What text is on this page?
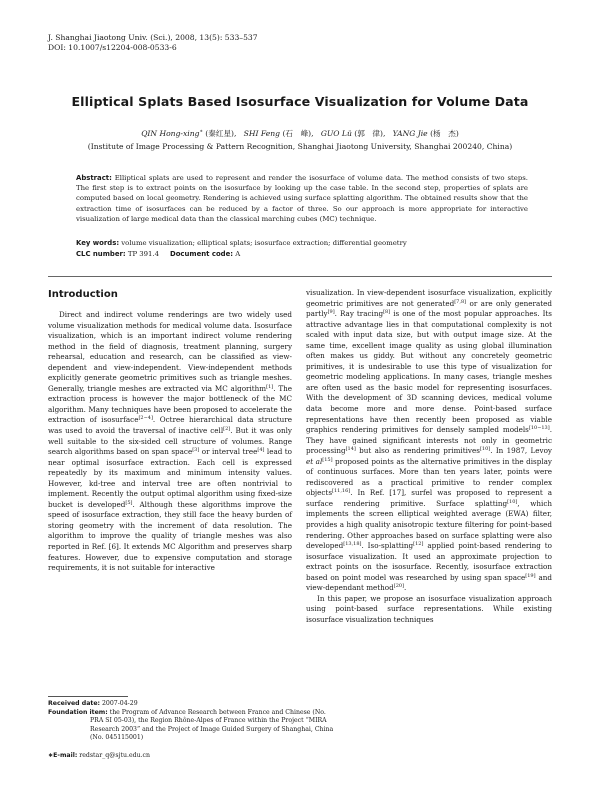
J. Shanghai Jiaotong Univ. (Sci.), 2008, 13(5): 533–537
DOI: 10.1007/s12204-008-0533-6
Elliptical Splats Based Isosurface Visualization for Volume Data
QIN Hong-xing∗ (秦红星), SHI Feng (石　峰), GUO Lü (郭　律), YANG Jie (杨　杰)
(Institute of Image Processing & Pattern Recognition, Shanghai Jiaotong University, Shanghai 200240, China)
Abstract: Elliptical splats are used to represent and render the isosurface of volume data. The method consists of two steps. The first step is to extract points on the isosurface by looking up the case table. In the second step, properties of splats are computed based on local geometry. Rendering is achieved using surface splatting algorithm. The obtained results show that the extraction time of isosurfaces can be reduced by a factor of three. So our approach is more appropriate for interactive visualization of large medical data than the classical marching cubes (MC) technique.
Key words: volume visualization; elliptical splats; isosurface extraction; differential geometry
CLC number: TP 391.4 Document code: A
Introduction

Direct and indirect volume renderings are two widely used volume visualization methods for medical volume data. Isosurface visualization, which is an important indirect volume rendering method in the field of diagnosis, treatment planning, surgery rehearsal, education and research, can be classified as view-dependent and view-independent. View-independent methods explicitly generate geometric primitives such as triangle meshes. Generally, triangle meshes are extracted via MC algorithm[1]. The extraction process is however the major bottleneck of the MC algorithm. Many techniques have been proposed to accelerate the extraction of isosurface[2−4]. Octree hierarchical data structure was used to avoid the traversal of inactive cell[2]. But it was only well suitable to the six-sided cell structure of volumes. Range search algorithms based on span space[3] or interval tree[4] lead to near optimal isosurface extraction. Each cell is expressed repeatedly by its maximum and minimum intensity values. However, kd-tree and interval tree are often nontrivial to implement. Recently the output optimal algorithm using fixed-size bucket is developed[5]. Although these algorithms improve the speed of isosurface extraction, they still face the heavy burden of storing geometry with the increment of data resolution. The algorithm to improve the quality of triangle meshes was also reported in Ref. [6]. It extends MC Algorithm and preserves sharp features. However, due to expensive computation and storage requirements, it is not suitable for interactive

visualization. In view-dependent isosurface visualization, explicitly geometric primitives are not generated[7,8] or are only generated partly[9]. Ray tracing[8] is one of the most popular approaches. Its attractive advantage lies in that computational complexity is not scaled with input data size, but with output image size. At the same time, excellent image quality as using global illumination often makes us giddy. But without any concretely geometric primitives, it is undesirable to use this type of visualization for geometric modeling applications. In many cases, triangle meshes are often used as the basic model for representing isosurfaces. With the development of 3D scanning devices, medical volume data become more and more dense. Point-based surface representations have then recently been proposed as viable graphics rendering primitives for densely sampled models[10−13]. They have gained significant interests not only in geometric processing[14] but also as rendering primitives[10]. In 1987, Levoy et al[15] proposed points as the alternative primitives in the display of continuous surfaces. More than ten years later, points were rediscovered as a practical primitive to render complex objects[11,16]. In Ref. [17], surfel was proposed to represent a surface rendering primitive. Surface splatting[10], which implements the screen elliptical weighted average (EWA) filter, provides a high quality anisotropic texture filtering for point-based rendering. Other approaches based on surface splatting were also developed[13,18]. Iso-splatting[12] applied point-based rendering to isosurface visualization. It used an approximate projection to extract points on the isosurface. Recently, isosurface extraction based on point model was researched by using span space[19] and view-dependant method[20].

In this paper, we propose an isosurface visualization approach using point-based surface representations. While existing isosurface visualization techniques

Received date: 2007-04-29
Foundation item: the Program of Advance Research between France and Chinese (No. PRA SI 05-03), the Region Rhône-Alpes of France within the Project “MIRA Research 2003” and the Project of Image Guided Surgery of Shanghai, China (No. 045115001)
∗E-mail: redstar_q@sjtu.edu.cn
